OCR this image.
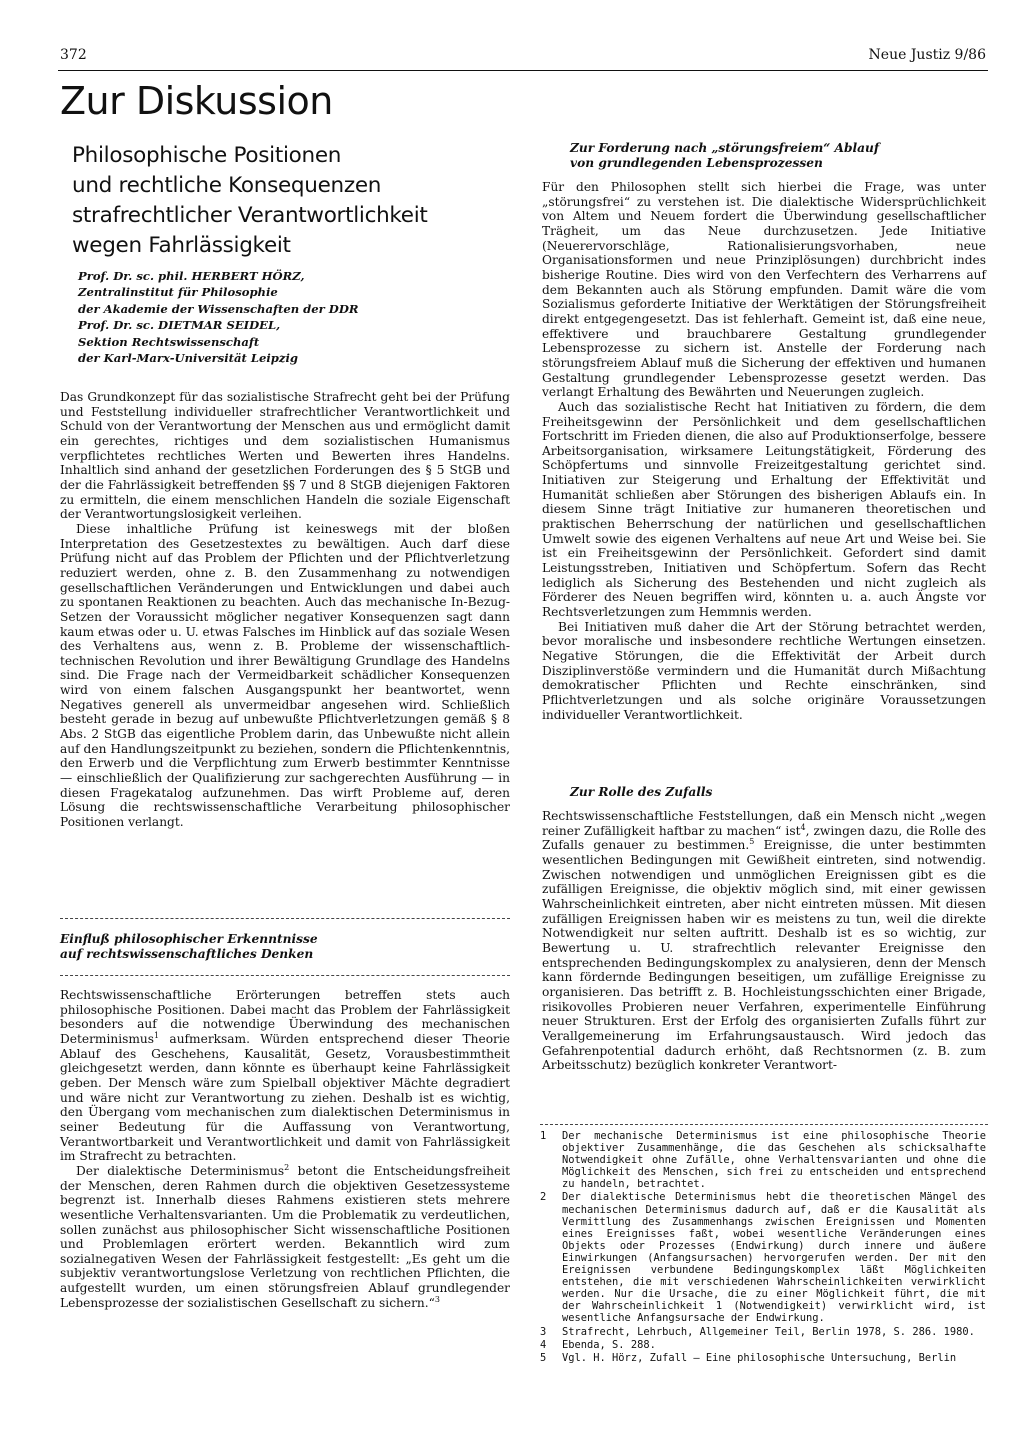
372	Neue Justiz 9/86
Zur Diskussion
Philosophische Positionen
und rechtliche Konsequenzen
strafrechtlicher Verantwortlichkeit
wegen Fahrlässigkeit
Prof. Dr. sc. phil. HERBERT HÖRZ,
Zentralinstitut für Philosophie
der Akademie der Wissenschaften der DDR
Prof. Dr. sc. DIETMAR SEIDEL,
Sektion Rechtswissenschaft
der Karl-Marx-Universität Leipzig

Das Grundkonzept für das sozialistische Strafrecht geht bei der Prüfung und Feststellung individueller strafrechtlicher Verantwortlichkeit und Schuld von der Verantwortung der Menschen aus und ermöglicht damit ein gerechtes, richtiges und dem sozialistischen Humanismus verpflichtetes rechtliches Werten und Bewerten ihres Handelns. Inhaltlich sind anhand der gesetzlichen Forderungen des § 5 StGB und der die Fahrlässigkeit betreffenden §§ 7 und 8 StGB diejenigen Faktoren zu ermitteln, die einem menschlichen Handeln die soziale Eigenschaft der Verantwortungslosigkeit verleihen.

Diese inhaltliche Prüfung ist keineswegs mit der bloßen Interpretation des Gesetzestextes zu bewältigen. Auch darf diese Prüfung nicht auf das Problem der Pflichten und der Pflichtverletzung reduziert werden, ohne z. B. den Zusammenhang zu notwendigen gesellschaftlichen Veränderungen und Entwicklungen und dabei auch zu spontanen Reaktionen zu beachten. Auch das mechanische In-Bezug-Setzen der Voraussicht möglicher negativer Konsequenzen sagt dann kaum etwas oder u. U. etwas Falsches im Hinblick auf das soziale Wesen des Verhaltens aus, wenn z. B. Probleme der wissenschaftlich-technischen Revolution und ihrer Bewältigung Grundlage des Handelns sind. Die Frage nach der Vermeidbarkeit schädlicher Konsequenzen wird von einem falschen Ausgangspunkt her beantwortet, wenn Negatives generell als unvermeidbar angesehen wird. Schließlich besteht gerade in bezug auf unbewußte Pflichtverletzungen gemäß § 8 Abs. 2 StGB das eigentliche Problem darin, das Unbewußte nicht allein auf den Handlungszeitpunkt zu beziehen, sondern die Pflichtenkenntnis, den Erwerb und die Verpflichtung zum Erwerb bestimmter Kenntnisse — einschließlich der Qualifizierung zur sachgerechten Ausführung — in diesen Fragekatalog aufzunehmen. Das wirft Probleme auf, deren Lösung die rechtswissenschaftliche Verarbeitung philosophischer Positionen verlangt.

Einfluß philosophischer Erkenntnisse
auf rechtswissenschaftliches Denken

Rechtswissenschaftliche Erörterungen betreffen stets auch philosophische Positionen. Dabei macht das Problem der Fahrlässigkeit besonders auf die notwendige Überwindung des mechanischen Determinismus$^1$ aufmerksam. Würden entsprechend dieser Theorie Ablauf des Geschehens, Kausalität, Gesetz, Vorausbestimmtheit gleichgesetzt werden, dann könnte es überhaupt keine Fahrlässigkeit geben. Der Mensch wäre zum Spielball objektiver Mächte degradiert und wäre nicht zur Verantwortung zu ziehen. Deshalb ist es wichtig, den Übergang vom mechanischen zum dialektischen Determinismus in seiner Bedeutung für die Auffassung von Verantwortung, Verantwortbarkeit und Verantwortlichkeit und damit von Fahrlässigkeit im Strafrecht zu betrachten.

Der dialektische Determinismus$^2$ betont die Entscheidungsfreiheit der Menschen, deren Rahmen durch die objektiven Gesetzessysteme begrenzt ist. Innerhalb dieses Rahmens existieren stets mehrere wesentliche Verhaltensvarianten. Um die Problematik zu verdeutlichen, sollen zunächst aus philosophischer Sicht wissenschaftliche Positionen und Problemlagen erörtert werden. Bekanntlich wird zum sozialnegativen Wesen der Fahrlässigkeit festgestellt: „Es geht um die subjektiv verantwortungslose Verletzung von rechtlichen Pflichten, die aufgestellt wurden, um einen störungsfreien Ablauf grundlegender Lebensprozesse der sozialistischen Gesellschaft zu sichern.“$^3$

Zur Forderung nach „störungsfreiem“ Ablauf
von grundlegenden Lebensprozessen

Für den Philosophen stellt sich hierbei die Frage, was unter „störungsfrei“ zu verstehen ist. Die dialektische Widersprüchlichkeit von Altem und Neuem fordert die Überwindung gesellschaftlicher Trägheit, um das Neue durchzusetzen. Jede Initiative (Neuerervorschläge, Rationalisierungsvorhaben, neue Organisationsformen und neue Prinziplösungen) durchbricht indes bisherige Routine. Dies wird von den Verfechtern des Verharrens auf dem Bekannten auch als Störung empfunden. Damit wäre die vom Sozialismus geforderte Initiative der Werktätigen der Störungsfreiheit direkt entgegengesetzt. Das ist fehlerhaft. Gemeint ist, daß eine neue, effektivere und brauchbarere Gestaltung grundlegender Lebensprozesse zu sichern ist. Anstelle der Forderung nach störungsfreiem Ablauf muß die Sicherung der effektiven und humanen Gestaltung grundlegender Lebensprozesse gesetzt werden. Das verlangt Erhaltung des Bewährten und Neuerungen zugleich.

Auch das sozialistische Recht hat Initiativen zu fördern, die dem Freiheitsgewinn der Persönlichkeit und dem gesellschaftlichen Fortschritt im Frieden dienen, die also auf Produktionserfolge, bessere Arbeitsorganisation, wirksamere Leitungstätigkeit, Förderung des Schöpfertums und sinnvolle Freizeitgestaltung gerichtet sind. Initiativen zur Steigerung und Erhaltung der Effektivität und Humanität schließen aber Störungen des bisherigen Ablaufs ein. In diesem Sinne trägt Initiative zur humaneren theoretischen und praktischen Beherrschung der natürlichen und gesellschaftlichen Umwelt sowie des eigenen Verhaltens auf neue Art und Weise bei. Sie ist ein Freiheitsgewinn der Persönlichkeit. Gefordert sind damit Leistungsstreben, Initiativen und Schöpfertum. Sofern das Recht lediglich als Sicherung des Bestehenden und nicht zugleich als Förderer des Neuen begriffen wird, könnten u. a. auch Ängste vor Rechtsverletzungen zum Hemmnis werden.

Bei Initiativen muß daher die Art der Störung betrachtet werden, bevor moralische und insbesondere rechtliche Wertungen einsetzen. Negative Störungen, die die Effektivität der Arbeit durch Disziplinverstöße vermindern und die Humanität durch Mißachtung demokratischer Pflichten und Rechte einschränken, sind Pflichtverletzungen und als solche originäre Voraussetzungen individueller Verantwortlichkeit.

Zur Rolle des Zufalls

Rechtswissenschaftliche Feststellungen, daß ein Mensch nicht „wegen reiner Zufälligkeit haftbar zu machen“ ist$^4$, zwingen dazu, die Rolle des Zufalls genauer zu bestimmen.$^5$ Ereignisse, die unter bestimmten wesentlichen Bedingungen mit Gewißheit eintreten, sind notwendig. Zwischen notwendigen und unmöglichen Ereignissen gibt es die zufälligen Ereignisse, die objektiv möglich sind, mit einer gewissen Wahrscheinlichkeit eintreten, aber nicht eintreten müssen. Mit diesen zufälligen Ereignissen haben wir es meistens zu tun, weil die direkte Notwendigkeit nur selten auftritt. Deshalb ist es so wichtig, zur Bewertung u. U. strafrechtlich relevanter Ereignisse den entsprechenden Bedingungskomplex zu analysieren, denn der Mensch kann fördernde Bedingungen beseitigen, um zufällige Ereignisse zu organisieren. Das betrifft z. B. Hochleistungsschichten einer Brigade, risikovolles Probieren neuer Verfahren, experimentelle Einführung neuer Strukturen. Erst der Erfolg des organisierten Zufalls führt zur Verallgemeinerung im Erfahrungsaustausch. Wird jedoch das Gefahrenpotential dadurch erhöht, daß Rechtsnormen (z. B. zum Arbeitsschutz) bezüglich konkreter Verantwort-

1 Der mechanische Determinismus ist eine philosophische Theorie objektiver Zusammenhänge, die das Geschehen als schicksalhafte Notwendigkeit ohne Zufälle, ohne Verhaltensvarianten und ohne die Möglichkeit des Menschen, sich frei zu entscheiden und entsprechend zu handeln, betrachtet.
2 Der dialektische Determinismus hebt die theoretischen Mängel des mechanischen Determinismus dadurch auf, daß er die Kausalität als Vermittlung des Zusammenhangs zwischen Ereignissen und Momenten eines Ereignisses faßt, wobei wesentliche Veränderungen eines Objekts oder Prozesses (Endwirkung) durch innere und äußere Einwirkungen (Anfangsursachen) hervorgerufen werden. Der mit den Ereignissen verbundene Bedingungskomplex läßt Möglichkeiten entstehen, die mit verschiedenen Wahrscheinlichkeiten verwirklicht werden. Nur die Ursache, die zu einer Möglichkeit führt, die mit der Wahrscheinlichkeit 1 (Notwendigkeit) verwirklicht wird, ist wesentliche Anfangsursache der Endwirkung.
3 Strafrecht, Lehrbuch, Allgemeiner Teil, Berlin 1978, S. 286. 1980.
4 Ebenda, S. 288.
5 Vgl. H. Hörz, Zufall — Eine philosophische Untersuchung, Berlin
